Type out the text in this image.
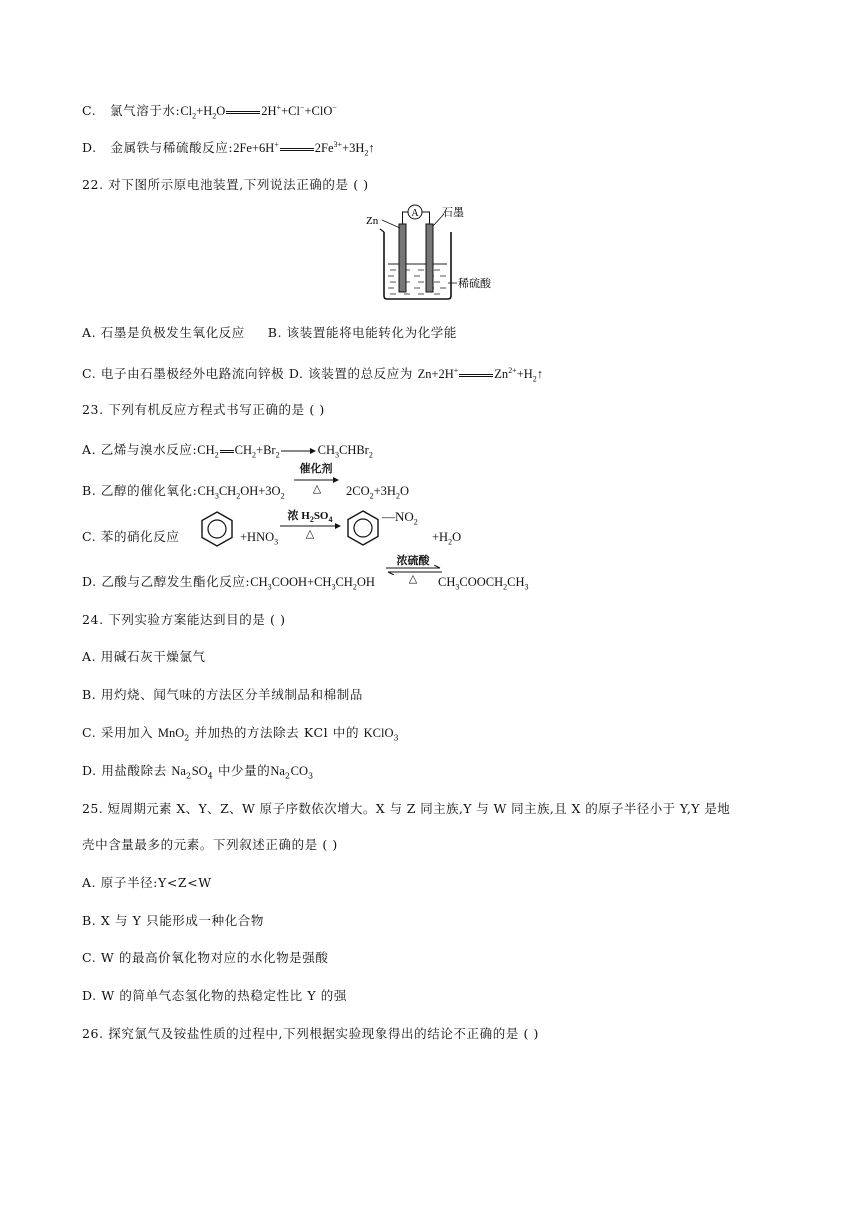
C. 氯气溶于水$:Cl_2+H_2O$	2H++Cl−+ClO−
D. 金属铁与稀硫酸反应:2Fe+6H+	$2Fe^{3+}+3H_2↑$
22. 对下图所示原电池装置,下列说法正确的是 ( )
A
Zn
石墨
稀硫酸
A. 石墨是负极发生氧化反应 B. 该装置能将电能转化为化学能
C. 电子由石墨极经外电路流向锌极 D. 该装置的总反应为 Zn+2H+	$Zn^{2+}+H_2↑$
23. 下列有机反应方程式书写正确的是 ( )
A. 乙烯与溴水反应$:CH_2$ $CH_2+Br_2\to CH_3CHBr_2$
B. 乙醇的催化氧化$:CH_3CH_2OH+3O_2$
催化剂
△	$2CO_2+3H_2O$
C. 苯的硝化反应	$+HNO_3$
浓 $H_2SO_4$
△
$—NO_2$
$+H_2O$
D. 乙酸与乙醇发生酯化反应$:CH_3COOH+CH_3CH_2OH$
浓硫酸
△	$CH_3COOCH_2CH_3$
24. 下列实验方案能达到目的是 ( )
A. 用碱石灰干燥氯气
B. 用灼烧、闻气味的方法区分羊绒制品和棉制品
C. 采用加入 MnO$_2$ 并加热的方法除去 KCl 中的 KClO$_3$
D. 用盐酸除去 $Na_2SO_4$ 中少量的$Na_2CO_3$
25. 短周期元素 X、Y、Z、W 原子序数依次增大。X 与 Z 同主族,Y 与 W 同主族,且 X 的原子半径小于 Y,Y 是地
壳中含量最多的元素。下列叙述正确的是 ( )
A. 原子半径:Y<Z<W
B. X 与 Y 只能形成一种化合物
C. W 的最高价氧化物对应的水化物是强酸
D. W 的简单气态氢化物的热稳定性比 Y 的强
26. 探究氯气及铵盐性质的过程中,下列根据实验现象得出的结论不正确的是 ( )
